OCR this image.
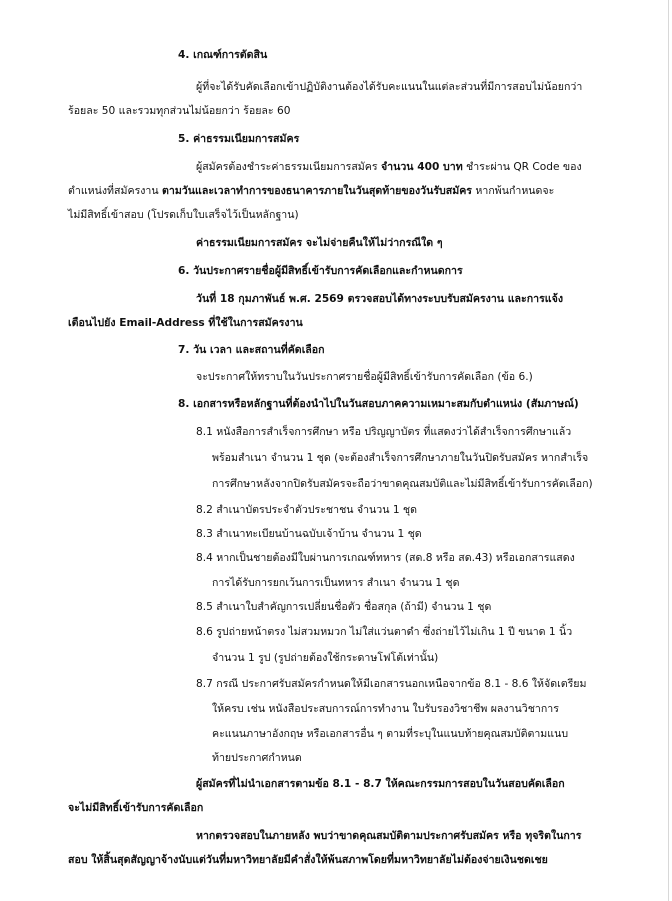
4. เกณฑ์การตัดสิน
ผู้ที่จะได้รับคัดเลือกเข้าปฏิบัติงานต้องได้รับคะแนนในแต่ละส่วนที่มีการสอบไม่น้อยกว่า
ร้อยละ 50 และรวมทุกส่วนไม่น้อยกว่า ร้อยละ 60
5. ค่าธรรมเนียมการสมัคร
ผู้สมัครต้องชำระค่าธรรมเนียมการสมัคร จำนวน 400 บาท ชำระผ่าน QR Code ของ
ตำแหน่งที่สมัครงาน ตามวันและเวลาทำการของธนาคารภายในวันสุดท้ายของวันรับสมัคร หากพ้นกำหนดจะ
ไม่มีสิทธิ์เข้าสอบ (โปรดเก็บใบเสร็จไว้เป็นหลักฐาน)
ค่าธรรมเนียมการสมัคร จะไม่จ่ายคืนให้ไม่ว่ากรณีใด ๆ
6. วันประกาศรายชื่อผู้มีสิทธิ์เข้ารับการคัดเลือกและกำหนดการ
วันที่ 18 กุมภาพันธ์ พ.ศ. 2569 ตรวจสอบได้ทางระบบรับสมัครงาน และการแจ้ง
เตือนไปยัง Email-Address ที่ใช้ในการสมัครงาน
7. วัน เวลา และสถานที่คัดเลือก
จะประกาศให้ทราบในวันประกาศรายชื่อผู้มีสิทธิ์เข้ารับการคัดเลือก (ข้อ 6.)
8. เอกสารหรือหลักฐานที่ต้องนำไปในวันสอบภาคความเหมาะสมกับตำแหน่ง (สัมภาษณ์)
8.1 หนังสือการสำเร็จการศึกษา หรือ ปริญญาบัตร ที่แสดงว่าได้สำเร็จการศึกษาแล้ว
พร้อมสำเนา จำนวน 1 ชุด (จะต้องสำเร็จการศึกษาภายในวันปิดรับสมัคร หากสำเร็จ
การศึกษาหลังจากปิดรับสมัครจะถือว่าขาดคุณสมบัติและไม่มีสิทธิ์เข้ารับการคัดเลือก)
8.2 สำเนาบัตรประจำตัวประชาชน จำนวน 1 ชุด
8.3 สำเนาทะเบียนบ้านฉบับเจ้าบ้าน จำนวน 1 ชุด
8.4 หากเป็นชายต้องมีใบผ่านการเกณฑ์ทหาร (สด.8 หรือ สด.43) หรือเอกสารแสดง
การได้รับการยกเว้นการเป็นทหาร สำเนา จำนวน 1 ชุด
8.5 สำเนาใบสำคัญการเปลี่ยนชื่อตัว ชื่อสกุล (ถ้ามี) จำนวน 1 ชุด
8.6 รูปถ่ายหน้าตรง ไม่สวมหมวก ไม่ใส่แว่นตาดำ ซึ่งถ่ายไว้ไม่เกิน 1 ปี ขนาด 1 นิ้ว
จำนวน 1 รูป (รูปถ่ายต้องใช้กระดาษโฟโต้เท่านั้น)
8.7 กรณี ประกาศรับสมัครกำหนดให้มีเอกสารนอกเหนือจากข้อ 8.1 - 8.6 ให้จัดเตรียม
ให้ครบ เช่น หนังสือประสบการณ์การทำงาน ใบรับรองวิชาชีพ ผลงานวิชาการ
คะแนนภาษาอังกฤษ หรือเอกสารอื่น ๆ ตามที่ระบุในแนบท้ายคุณสมบัติตามแนบ
ท้ายประกาศกำหนด
ผู้สมัครที่ไม่นำเอกสารตามข้อ 8.1 - 8.7 ให้คณะกรรมการสอบในวันสอบคัดเลือก
จะไม่มีสิทธิ์เข้ารับการคัดเลือก
หากตรวจสอบในภายหลัง พบว่าขาดคุณสมบัติตามประกาศรับสมัคร หรือ ทุจริตในการ
สอบ ให้สิ้นสุดสัญญาจ้างนับแต่วันที่มหาวิทยาลัยมีคำสั่งให้พ้นสภาพโดยที่มหาวิทยาลัยไม่ต้องจ่ายเงินชดเชย
